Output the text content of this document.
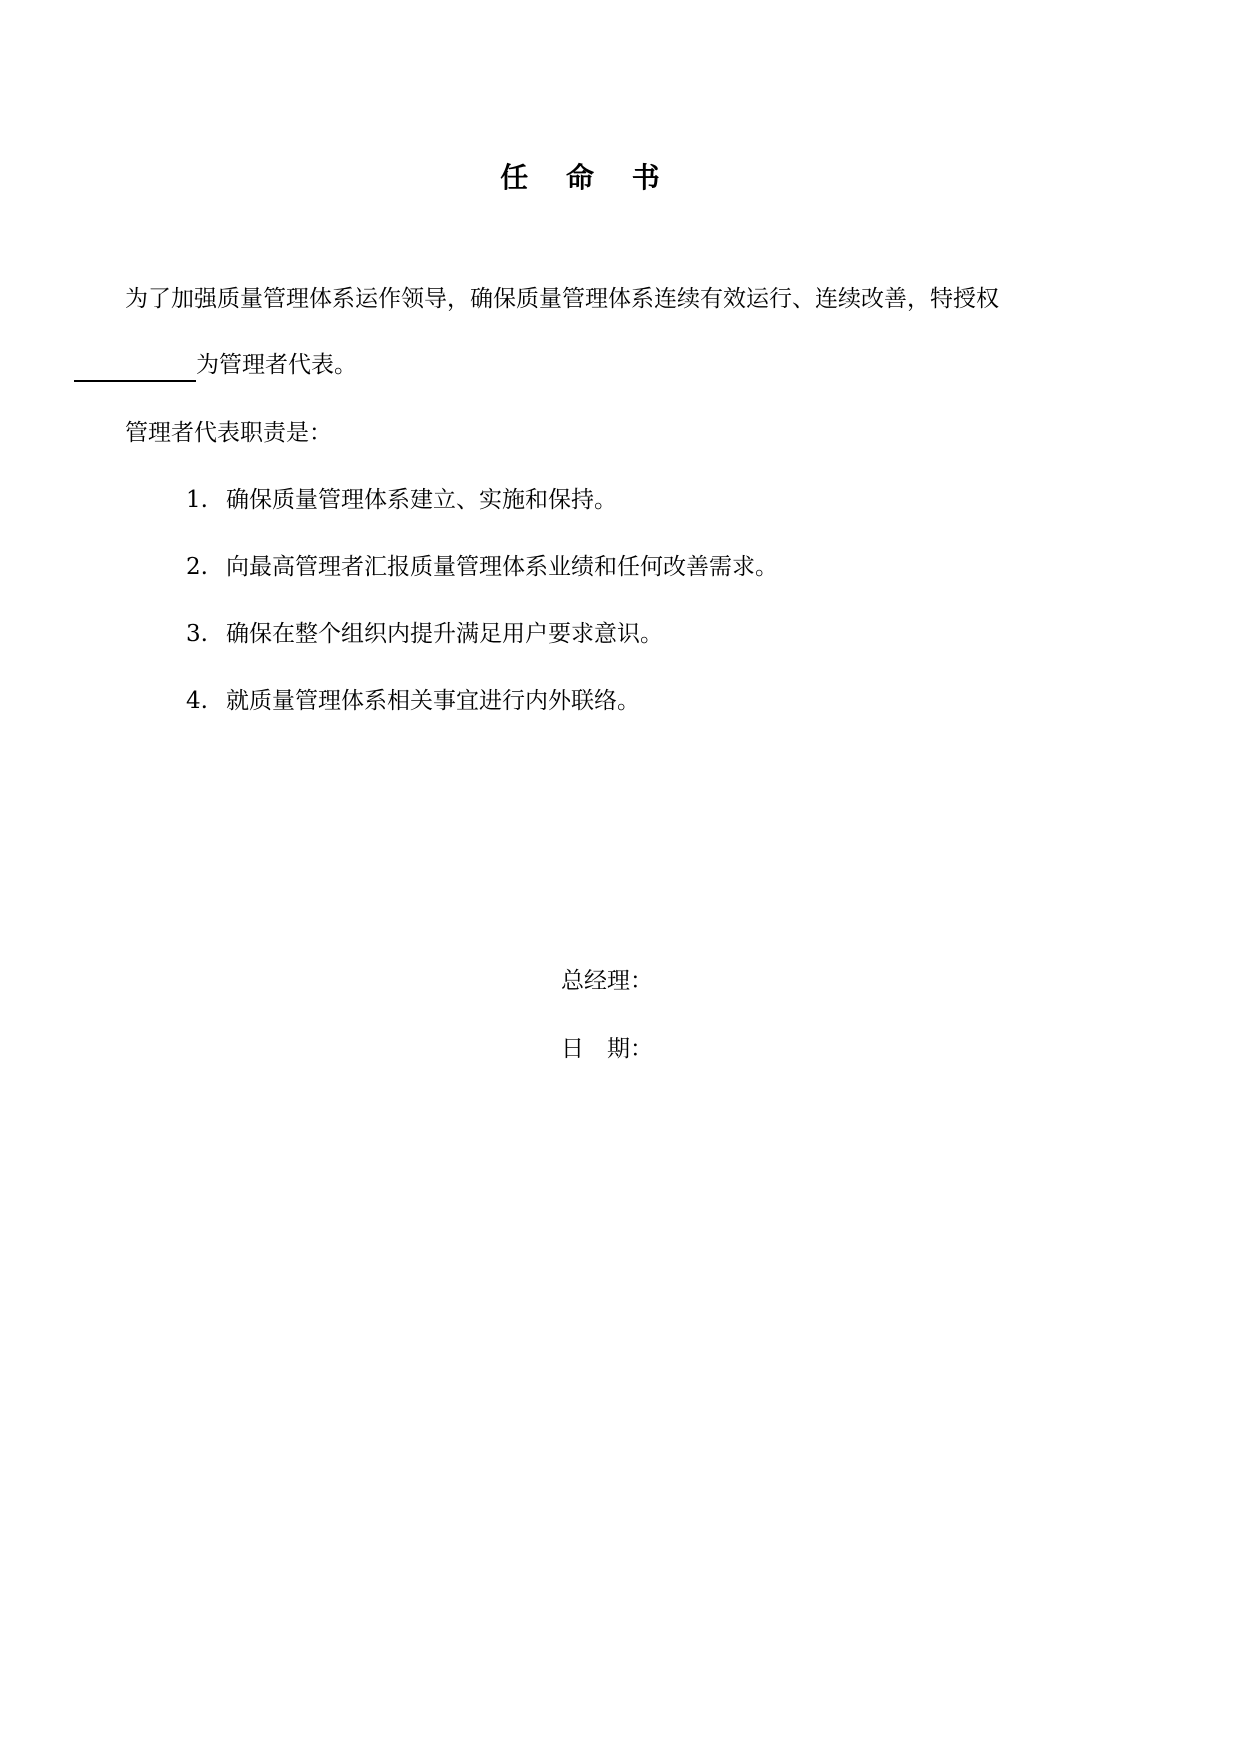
任 命 书
为了加强质量管理体系运作领导，确保质量管理体系连续有效运行、连续改善，特授权
为管理者代表。
管理者代表职责是：
1. 确保质量管理体系建立、实施和保持。
2. 向最高管理者汇报质量管理体系业绩和任何改善需求。
3. 确保在整个组织内提升满足用户要求意识。
4. 就质量管理体系相关事宜进行内外联络。
总经理：
日　期：
